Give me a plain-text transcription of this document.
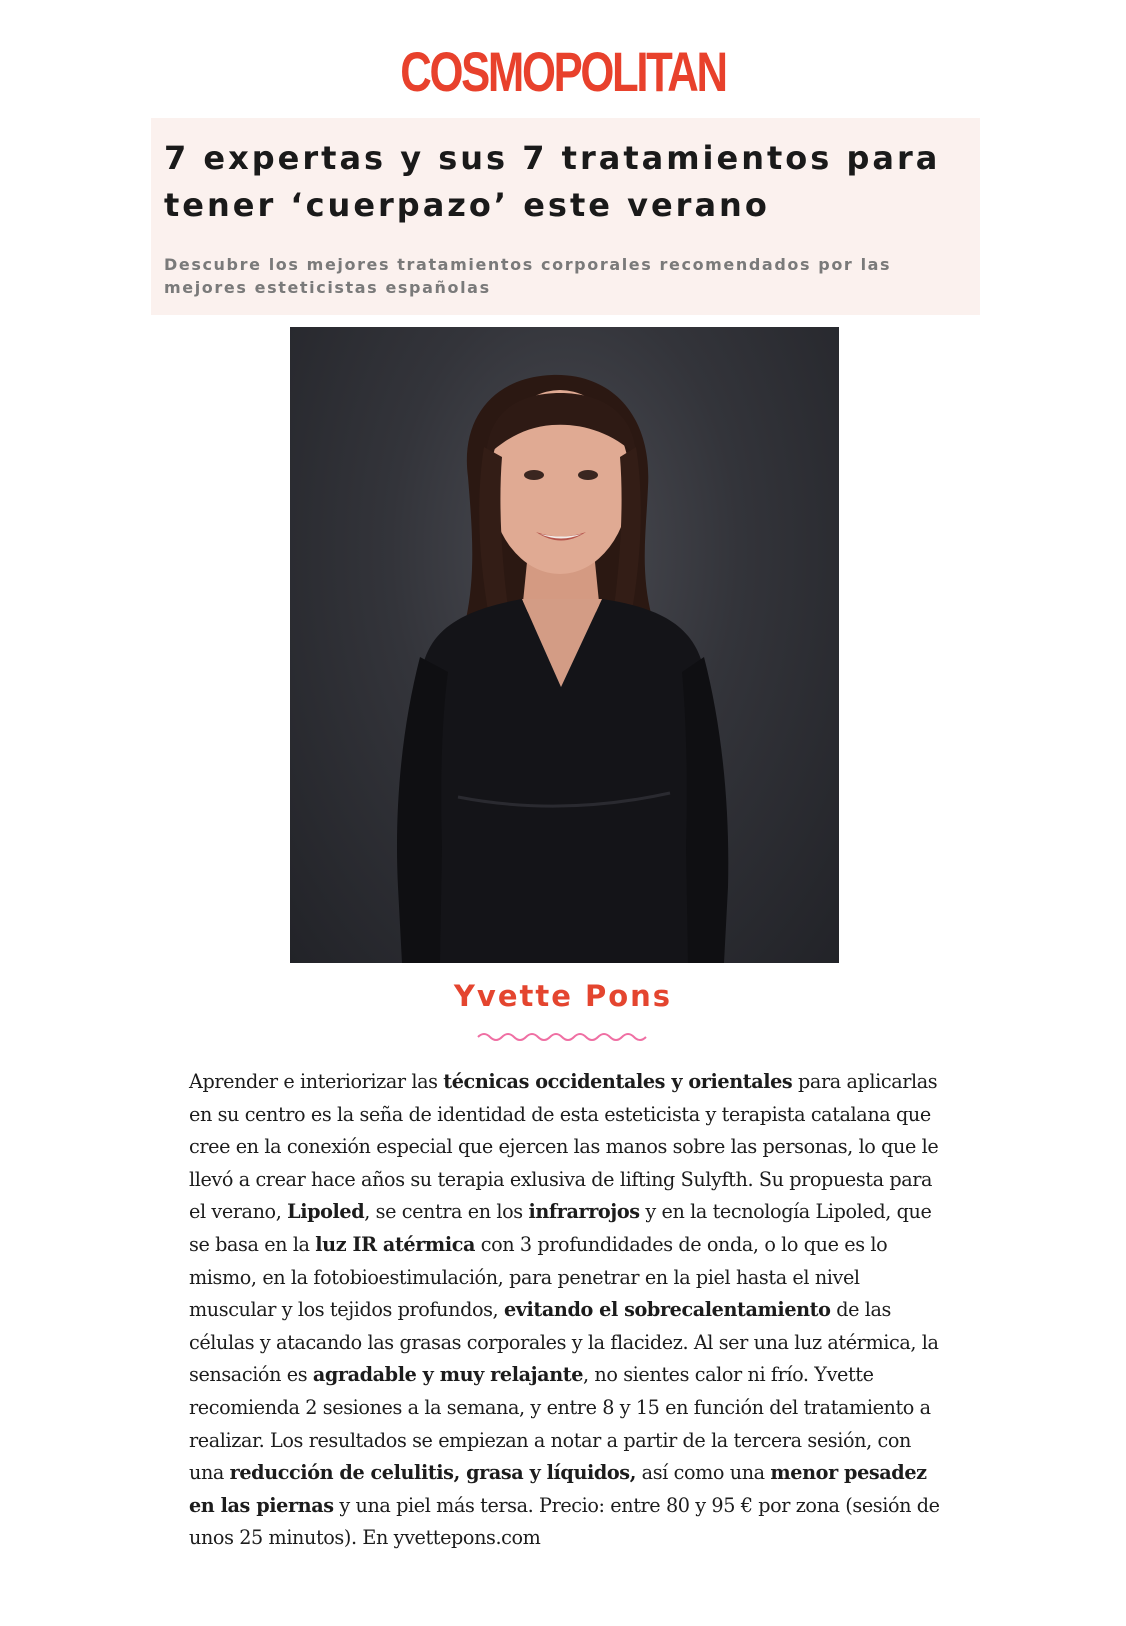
COSMOPOLITAN
7 expertas y sus 7 tratamientos para tener ‘cuerpazo’ este verano

Descubre los mejores tratamientos corporales recomendados por las mejores esteticistas españolas

Yvette Pons

Aprender e interiorizar las técnicas occidentales y orientales para aplicarlas en su centro es la seña de identidad de esta esteticista y terapista catalana que cree en la conexión especial que ejercen las manos sobre las personas, lo que le llevó a crear hace años su terapia exlusiva de lifting Sulyfth. Su propuesta para el verano, Lipoled, se centra en los infrarrojos y en la tecnología Lipoled, que se basa en la luz IR atérmica con 3 profundidades de onda, o lo que es lo mismo, en la fotobioestimulación, para penetrar en la piel hasta el nivel muscular y los tejidos profundos, evitando el sobrecalentamiento de las células y atacando las grasas corporales y la flacidez. Al ser una luz atérmica, la sensación es agradable y muy relajante, no sientes calor ni frío. Yvette recomienda 2 sesiones a la semana, y entre 8 y 15 en función del tratamiento a realizar. Los resultados se empiezan a notar a partir de la tercera sesión, con una reducción de celulitis, grasa y líquidos, así como una menor pesadez en las piernas y una piel más tersa. Precio: entre 80 y 95 € por zona (sesión de unos 25 minutos). En yvettepons.com
